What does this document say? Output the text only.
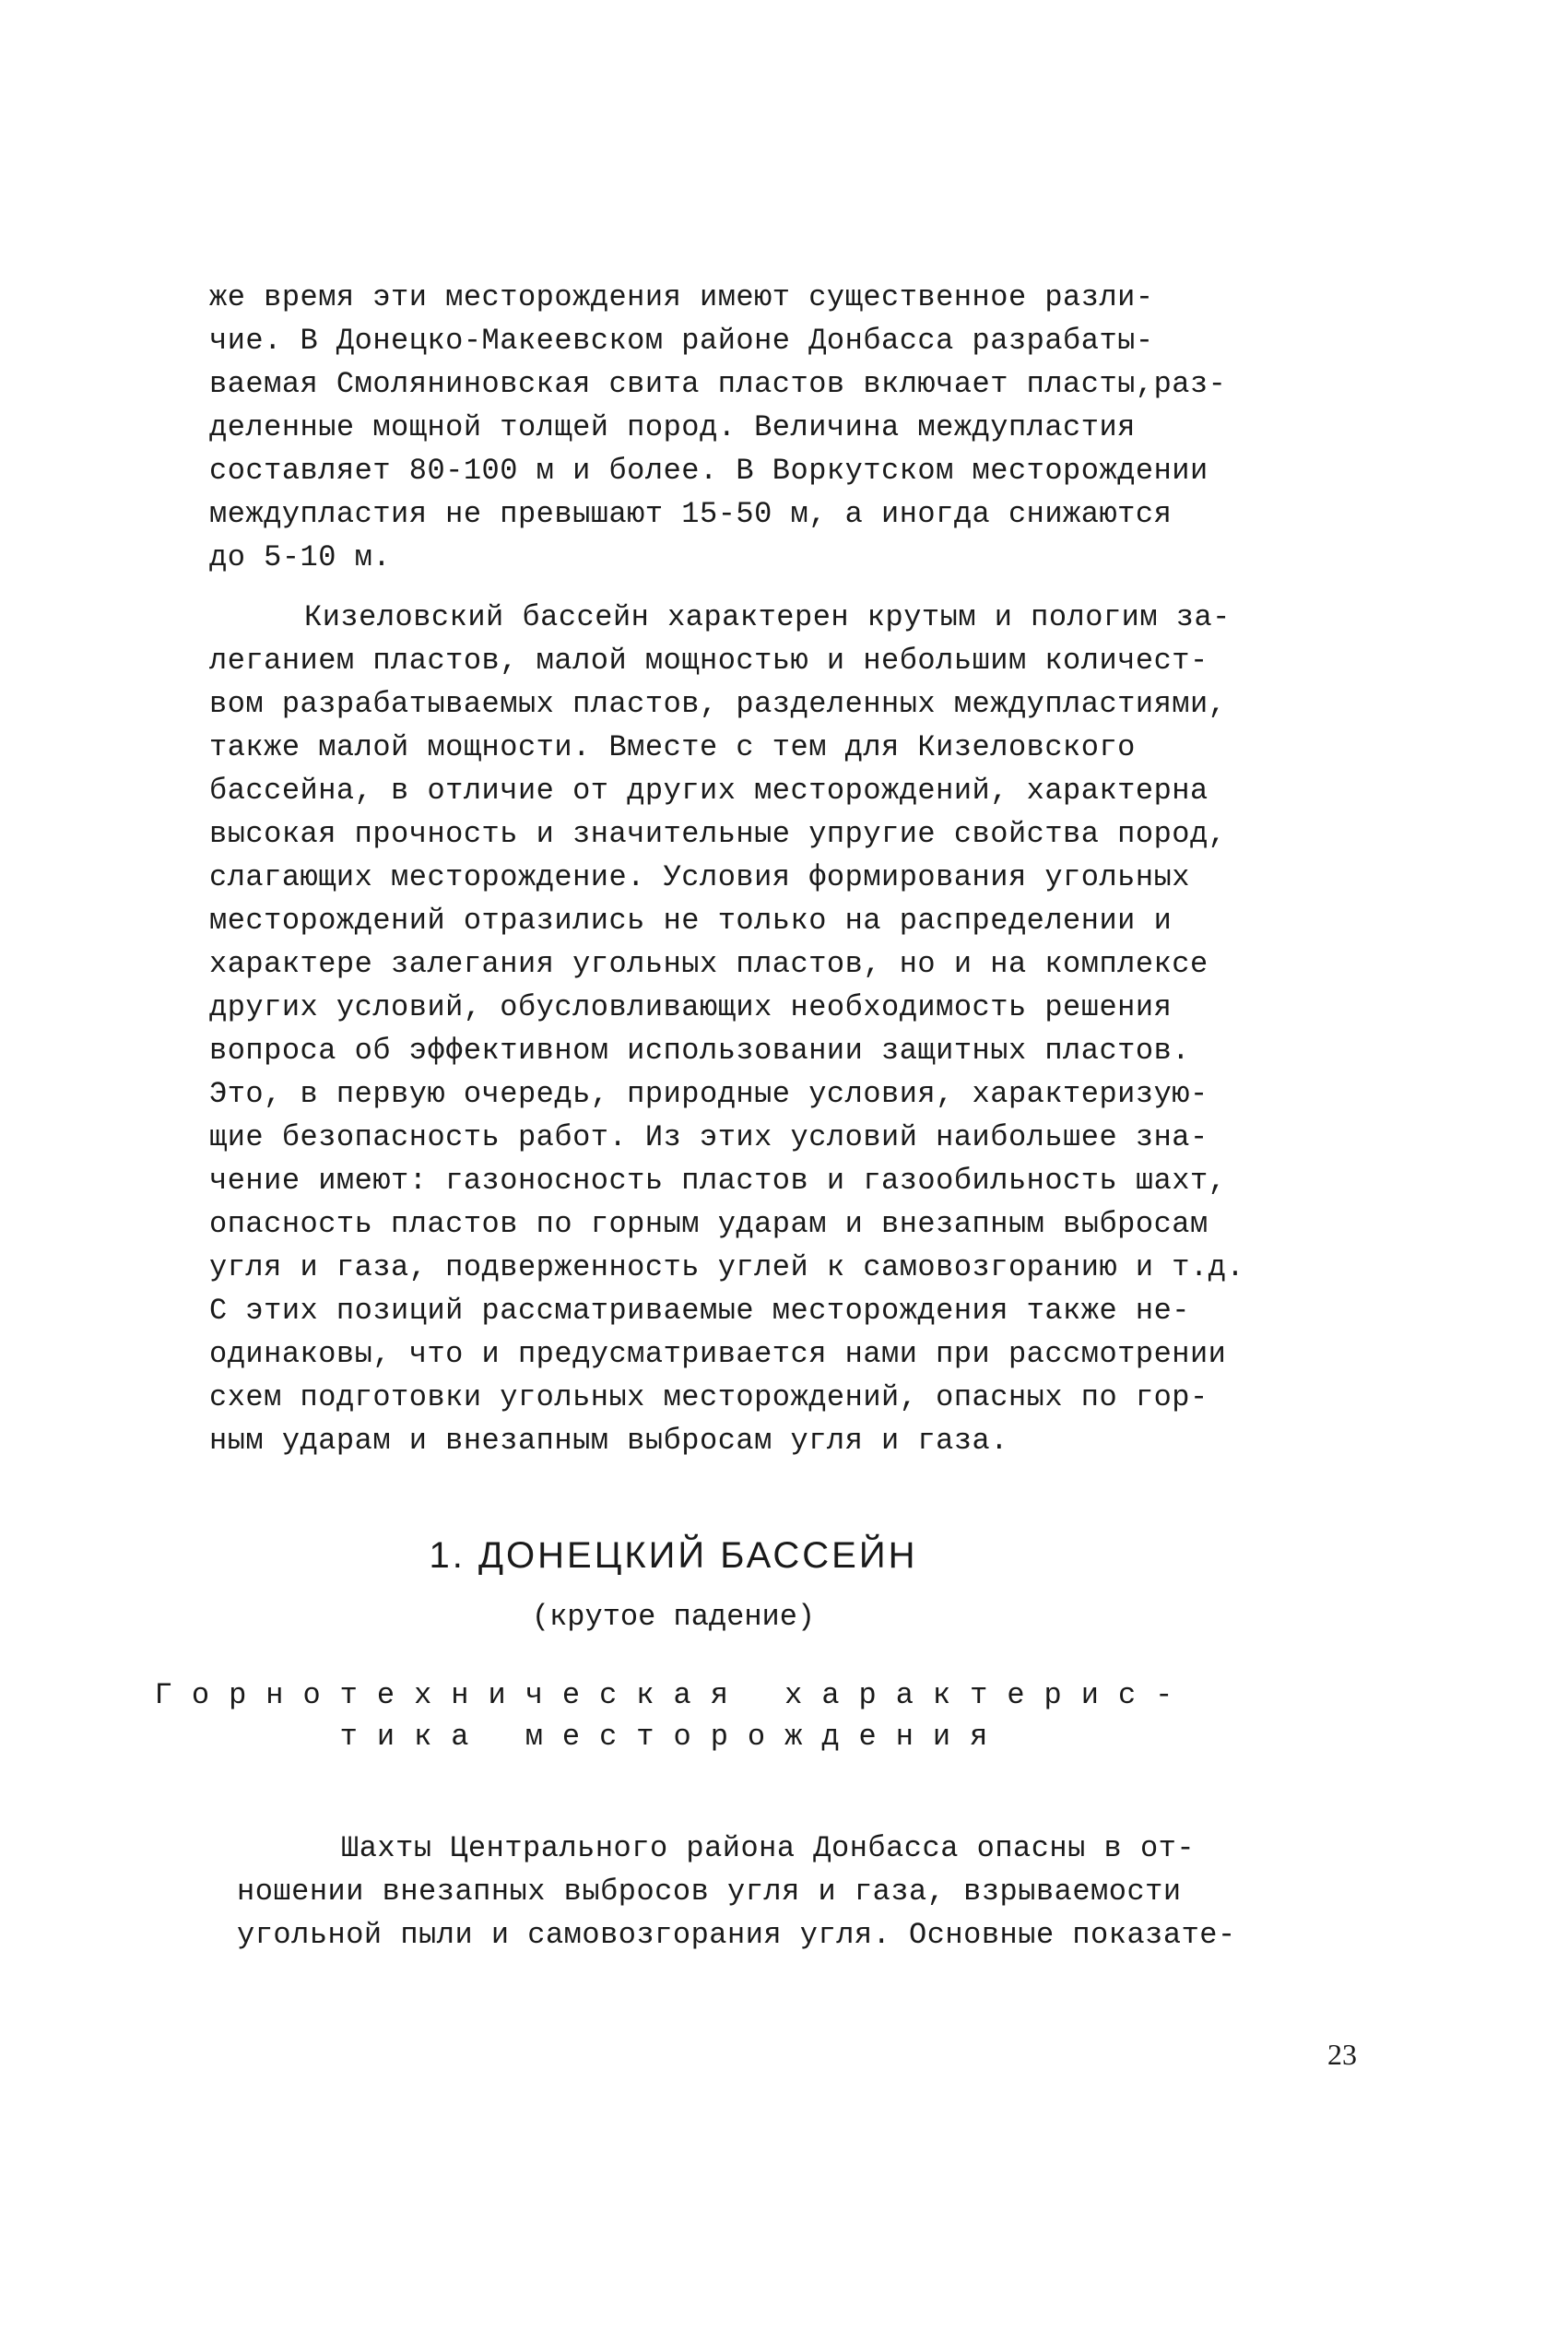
же время эти месторождения имеют существенное разли-
чие. В Донецко-Макеевском районе Донбасса разрабаты-
ваемая Смоляниновская свита пластов включает пласты,раз-
деленные мощной толщей пород. Величина междупластия
составляет 80-100 м и более. В Воркутском месторождении
междупластия не превышают 15-50 м, а иногда снижаются
до 5-10 м.
Кизеловский бассейн характерен крутым и пологим за-
леганием пластов, малой мощностью и небольшим количест-
вом разрабатываемых пластов, разделенных междупластиями,
также малой мощности. Вместе с тем для Кизеловского
бассейна, в отличие от других месторождений, характерна
высокая прочность и значительные упругие свойства пород,
слагающих месторождение. Условия формирования угольных
месторождений отразились не только на распределении и
характере залегания угольных пластов, но и на комплексе
других условий, обусловливающих необходимость решения
вопроса об эффективном использовании защитных пластов.
Это, в первую очередь, природные условия, характеризую-
щие безопасность работ. Из этих условий наибольшее зна-
чение имеют: газоносность пластов и газообильность шахт,
опасность пластов по горным ударам и внезапным выбросам
угля и газа, подверженность углей к самовозгоранию и т.д.
С этих позиций рассматриваемые месторождения также не-
одинаковы, что и предусматривается нами при рассмотрении
схем подготовки угольных месторождений, опасных по гор-
ным ударам и внезапным выбросам угля и газа.
1. ДОНЕЦКИЙ БАССЕЙН
(крутое падение)
Горнотехническая характерис-
тика месторождения
Шахты Центрального района Донбасса опасны в от-
ношении внезапных выбросов угля и газа, взрываемости
угольной пыли и самовозгорания угля. Основные показате-
23
